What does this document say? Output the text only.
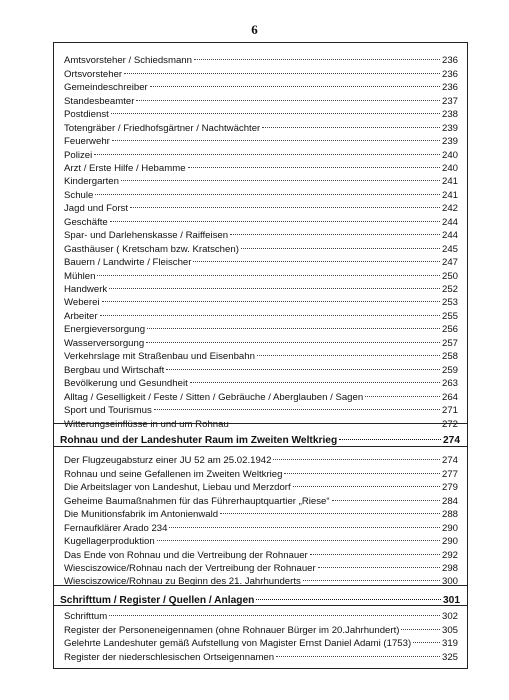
6
Amtsvorsteher / Schiedsmann	236
Ortsvorsteher	236
Gemeindeschreiber	236
Standesbeamter	237
Postdienst	238
Totengräber / Friedhofsgärtner / Nachtwächter	239
Feuerwehr	239
Polizei	240
Arzt / Erste Hilfe / Hebamme	240
Kindergarten	241
Schule	241
Jagd und Forst	242
Geschäfte	244
Spar- und Darlehenskasse / Raiffeisen	244
Gasthäuser ( Kretscham bzw. Kratschen)	245
Bauern / Landwirte / Fleischer	247
Mühlen	250
Handwerk	252
Weberei	253
Arbeiter	255
Energieversorgung	256
Wasserversorgung	257
Verkehrslage mit Straßenbau und Eisenbahn	258
Bergbau und Wirtschaft	259
Bevölkerung und Gesundheit	263
Alltag / Geselligkeit / Feste / Sitten / Gebräuche / Aberglauben / Sagen	264
Sport und Tourismus	271
Witterungseinflüsse in und um Rohnau	272
Rohnau und der Landeshuter Raum im Zweiten Weltkrieg	274
Der Flugzeugabsturz einer JU 52 am 25.02.1942	274
Rohnau und seine Gefallenen im Zweiten Weltkrieg	277
Die Arbeitslager von Landeshut, Liebau und Merzdorf	279
Geheime Baumaßnahmen für das Führerhauptquartier „Riese“	284
Die Munitionsfabrik im Antonienwald	288
Fernaufklärer Arado 234	290
Kugellagerproduktion	290
Das Ende von Rohnau und die Vertreibung der Rohnauer	292
Wiesciszowice/Rohnau nach der Vertreibung der Rohnauer	298
Wiesciszowice/Rohnau zu Beginn des 21. Jahrhunderts	300
Schrifttum / Register / Quellen / Anlagen	301
Schrifttum	302
Register der Personeneigennamen (ohne Rohnauer Bürger im 20.Jahrhundert)	305
Gelehrte Landeshuter gemäß Aufstellung von Magister Ernst Daniel Adami (1753)	319
Register der niederschlesischen Ortseigennamen	325
